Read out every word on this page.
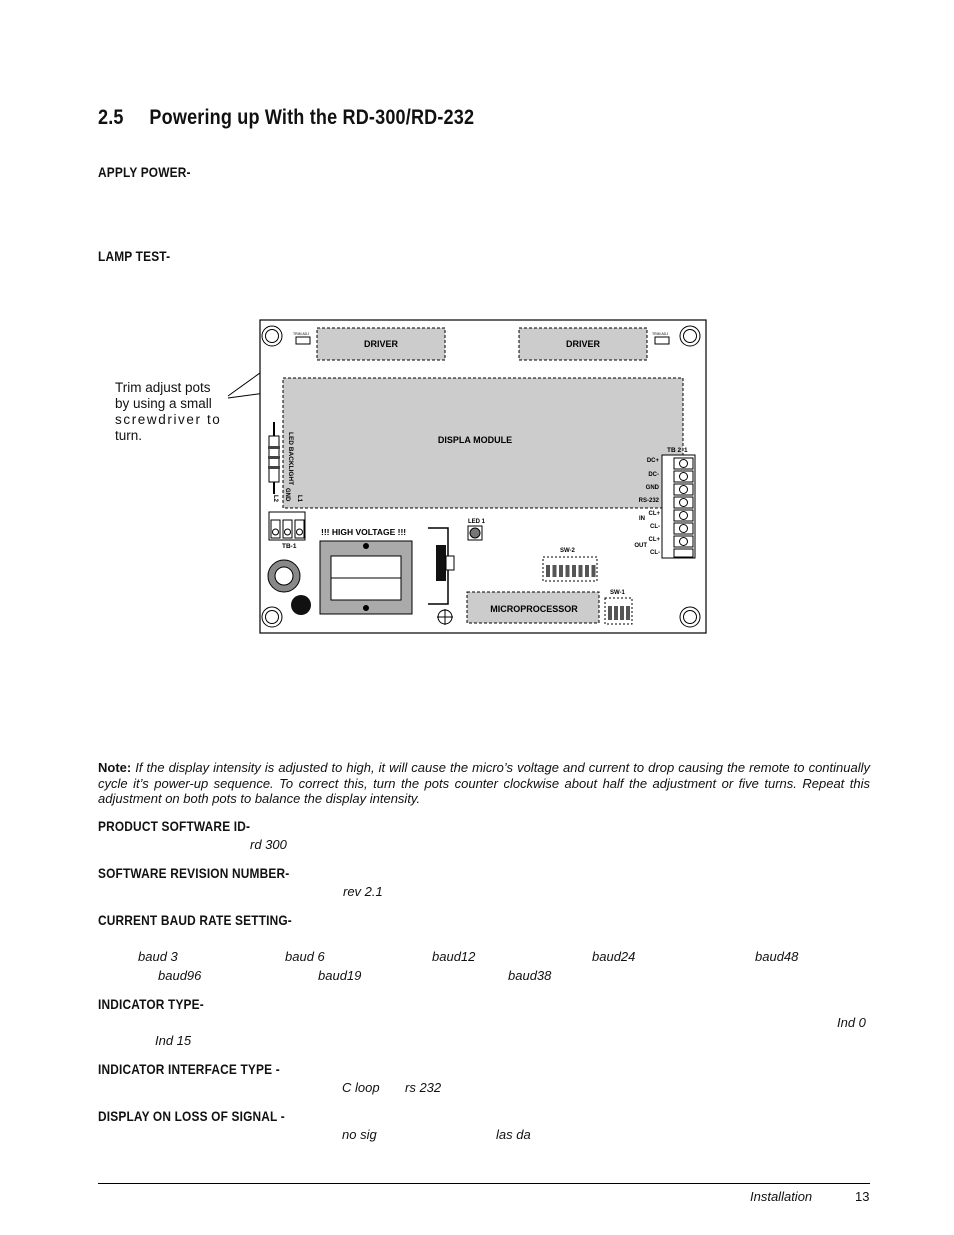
2.5 Powering up With the RD-300/RD-232
APPLY POWER-
LAMP TEST-
Trim adjust pots
by using a small
screwdriver to
turn.
DRIVER	DRIVER
TRIM ADJ	TRIM ADJ
DISPLA MODULE
LED BACKLIGHT
L1
GND
L2
TB-1
!!! HIGH VOLTAGE !!!
LED 1
SW-2
MICROPROCESSOR
SW-1
TB 2 1
DC+
DC-
GND
RS-232
CL+
CL-
CL+
CL-
IN
OUT
Note: If the display intensity is adjusted to high, it will cause the micro’s voltage and current to drop causing the remote to continually cycle it’s power-up sequence. To correct this, turn the pots counter clockwise about half the adjustment or five turns. Repeat this adjustment on both pots to balance the display intensity.
PRODUCT SOFTWARE ID-
rd 300
SOFTWARE REVISION NUMBER-
rev 2.1
CURRENT BAUD RATE SETTING-
baud 3	baud 6	baud12	baud24	baud48
baud96	baud19	baud38
INDICATOR TYPE-
Ind 0
Ind 15
INDICATOR INTERFACE TYPE -
C loop rs 232
DISPLAY ON LOSS OF SIGNAL -
no sig	las da
Installation	13
